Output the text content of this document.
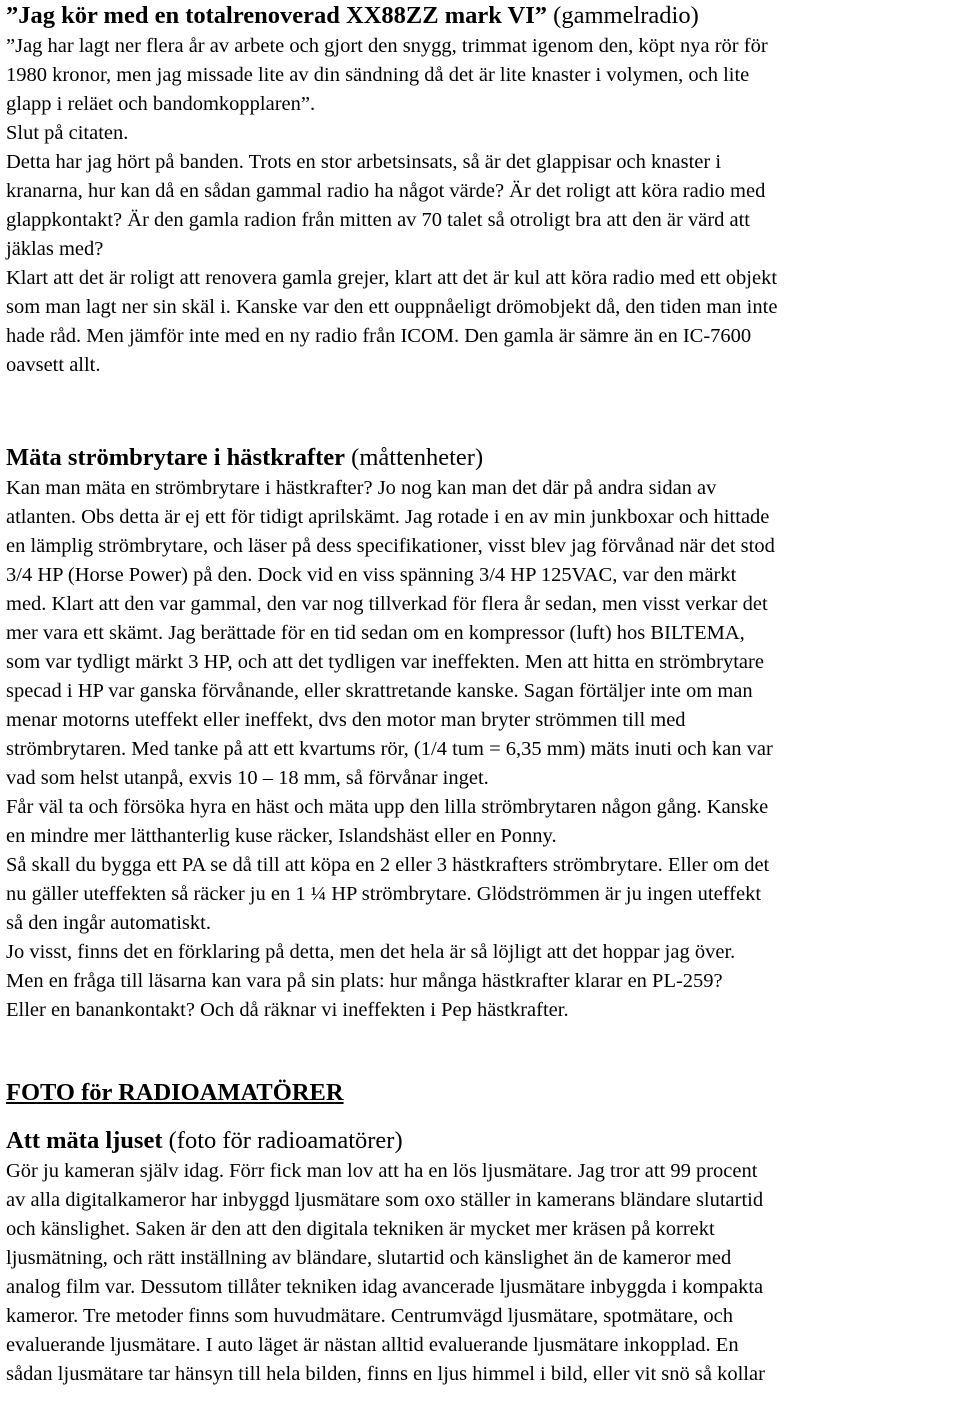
”Jag kör med en totalrenoverad XX88ZZ mark VI” (gammelradio)
”Jag har lagt ner flera år av arbete och gjort den snygg, trimmat igenom den, köpt nya rör för
1980 kronor, men jag missade lite av din sändning då det är lite knaster i volymen, och lite
glapp i reläet och bandomkopplaren”.
Slut på citaten.
Detta har jag hört på banden. Trots en stor arbetsinsats, så är det glappisar och knaster i
kranarna, hur kan då en sådan gammal radio ha något värde? Är det roligt att köra radio med
glappkontakt? Är den gamla radion från mitten av 70 talet så otroligt bra att den är värd att
jäklas med?
Klart att det är roligt att renovera gamla grejer, klart att det är kul att köra radio med ett objekt
som man lagt ner sin skäl i. Kanske var den ett ouppnåeligt drömobjekt då, den tiden man inte
hade råd. Men jämför inte med en ny radio från ICOM. Den gamla är sämre än en IC-7600
oavsett allt.
Mäta strömbrytare i hästkrafter (måttenheter)
Kan man mäta en strömbrytare i hästkrafter? Jo nog kan man det där på andra sidan av
atlanten. Obs detta är ej ett för tidigt aprilskämt. Jag rotade i en av min junkboxar och hittade
en lämplig strömbrytare, och läser på dess specifikationer, visst blev jag förvånad när det stod
3/4 HP (Horse Power) på den. Dock vid en viss spänning 3/4 HP 125VAC, var den märkt
med. Klart att den var gammal, den var nog tillverkad för flera år sedan, men visst verkar det
mer vara ett skämt. Jag berättade för en tid sedan om en kompressor (luft) hos BILTEMA,
som var tydligt märkt 3 HP, och att det tydligen var ineffekten. Men att hitta en strömbrytare
specad i HP var ganska förvånande, eller skrattretande kanske. Sagan förtäljer inte om man
menar motorns uteffekt eller ineffekt, dvs den motor man bryter strömmen till med
strömbrytaren. Med tanke på att ett kvartums rör, (1/4 tum = 6,35 mm) mäts inuti och kan var
vad som helst utanpå, exvis 10 – 18 mm, så förvånar inget.
Får väl ta och försöka hyra en häst och mäta upp den lilla strömbrytaren någon gång. Kanske
en mindre mer lätthanterlig kuse räcker, Islandshäst eller en Ponny.
Så skall du bygga ett PA se då till att köpa en 2 eller 3 hästkrafters strömbrytare. Eller om det
nu gäller uteffekten så räcker ju en 1 ¼ HP strömbrytare. Glödströmmen är ju ingen uteffekt
så den ingår automatiskt.
Jo visst, finns det en förklaring på detta, men det hela är så löjligt att det hoppar jag över.
Men en fråga till läsarna kan vara på sin plats: hur många hästkrafter klarar en PL-259?
Eller en banankontakt? Och då räknar vi ineffekten i Pep hästkrafter.
FOTO för RADIOAMATÖRER
Att mäta ljuset (foto för radioamatörer)
Gör ju kameran själv idag. Förr fick man lov att ha en lös ljusmätare. Jag tror att 99 procent
av alla digitalkameror har inbyggd ljusmätare som oxo ställer in kamerans bländare slutartid
och känslighet. Saken är den att den digitala tekniken är mycket mer kräsen på korrekt
ljusmätning, och rätt inställning av bländare, slutartid och känslighet än de kameror med
analog film var. Dessutom tillåter tekniken idag avancerade ljusmätare inbyggda i kompakta
kameror. Tre metoder finns som huvudmätare. Centrumvägd ljusmätare, spotmätare, och
evaluerande ljusmätare. I auto läget är nästan alltid evaluerande ljusmätare inkopplad. En
sådan ljusmätare tar hänsyn till hela bilden, finns en ljus himmel i bild, eller vit snö så kollar
